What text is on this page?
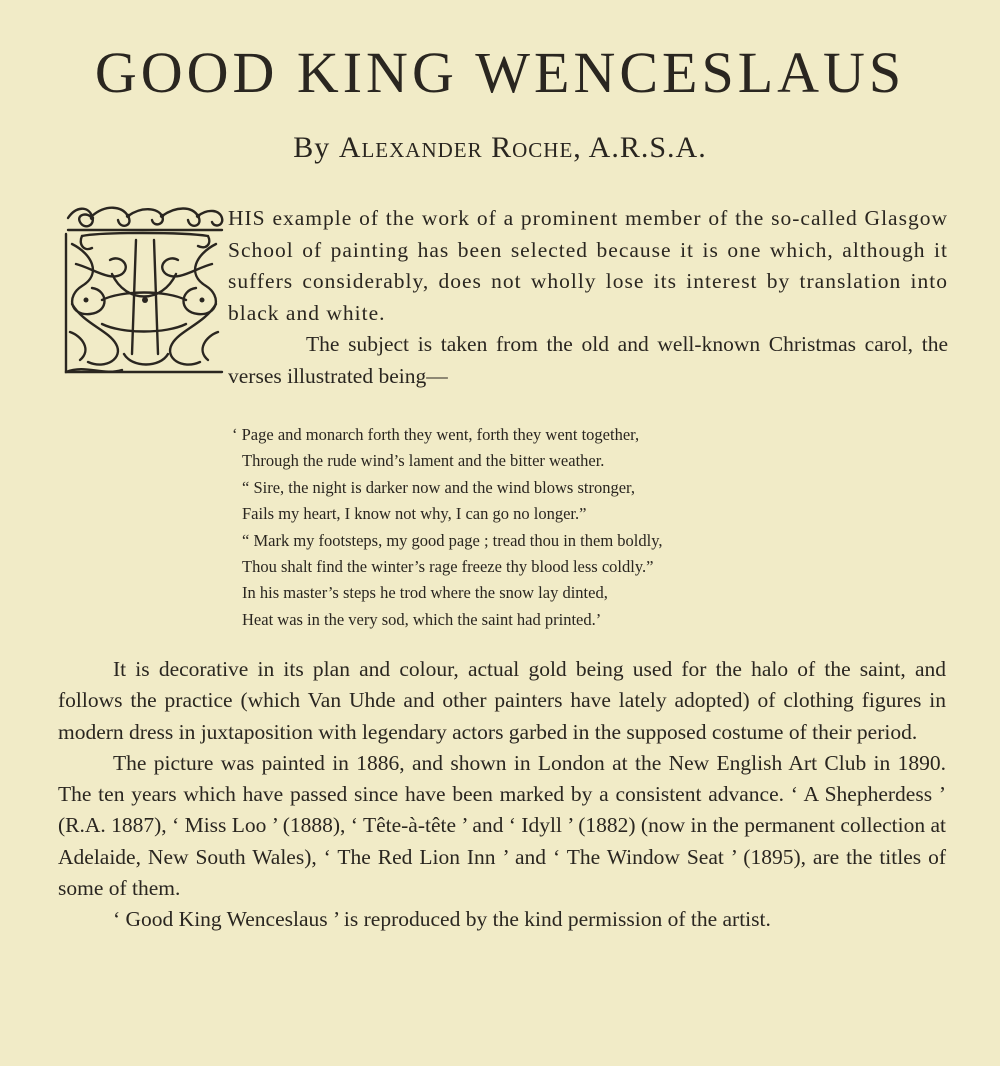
GOOD KING WENCESLAUS
By Alexander Roche, A.R.S.A.

HIS example of the work of a prominent member of the so-called Glasgow School of painting has been selected because it is one which, although it suffers considerably, does not wholly lose its interest by translation into black and white.

The subject is taken from the old and well-known Christmas carol, the verses illustrated being—

‘ Page and monarch forth they went, forth they went together,
Through the rude wind’s lament and the bitter weather.
“ Sire, the night is darker now and the wind blows stronger,
Fails my heart, I know not why, I can go no longer.”
“ Mark my footsteps, my good page ; tread thou in them boldly,
Thou shalt find the winter’s rage freeze thy blood less coldly.”
In his master’s steps he trod where the snow lay dinted,
Heat was in the very sod, which the saint had printed.’

It is decorative in its plan and colour, actual gold being used for the halo of the saint, and follows the practice (which Van Uhde and other painters have lately adopted) of clothing figures in modern dress in juxtaposition with legendary actors garbed in the supposed costume of their period.

The picture was painted in 1886, and shown in London at the New English Art Club in 1890. The ten years which have passed since have been marked by a consistent advance. ‘ A Shepherdess ’ (R.A. 1887), ‘ Miss Loo ’ (1888), ‘ Tête-à-tête ’ and ‘ Idyll ’ (1882) (now in the permanent collection at Adelaide, New South Wales), ‘ The Red Lion Inn ’ and ‘ The Window Seat ’ (1895), are the titles of some of them.

‘ Good King Wenceslaus ’ is reproduced by the kind permission of the artist.
